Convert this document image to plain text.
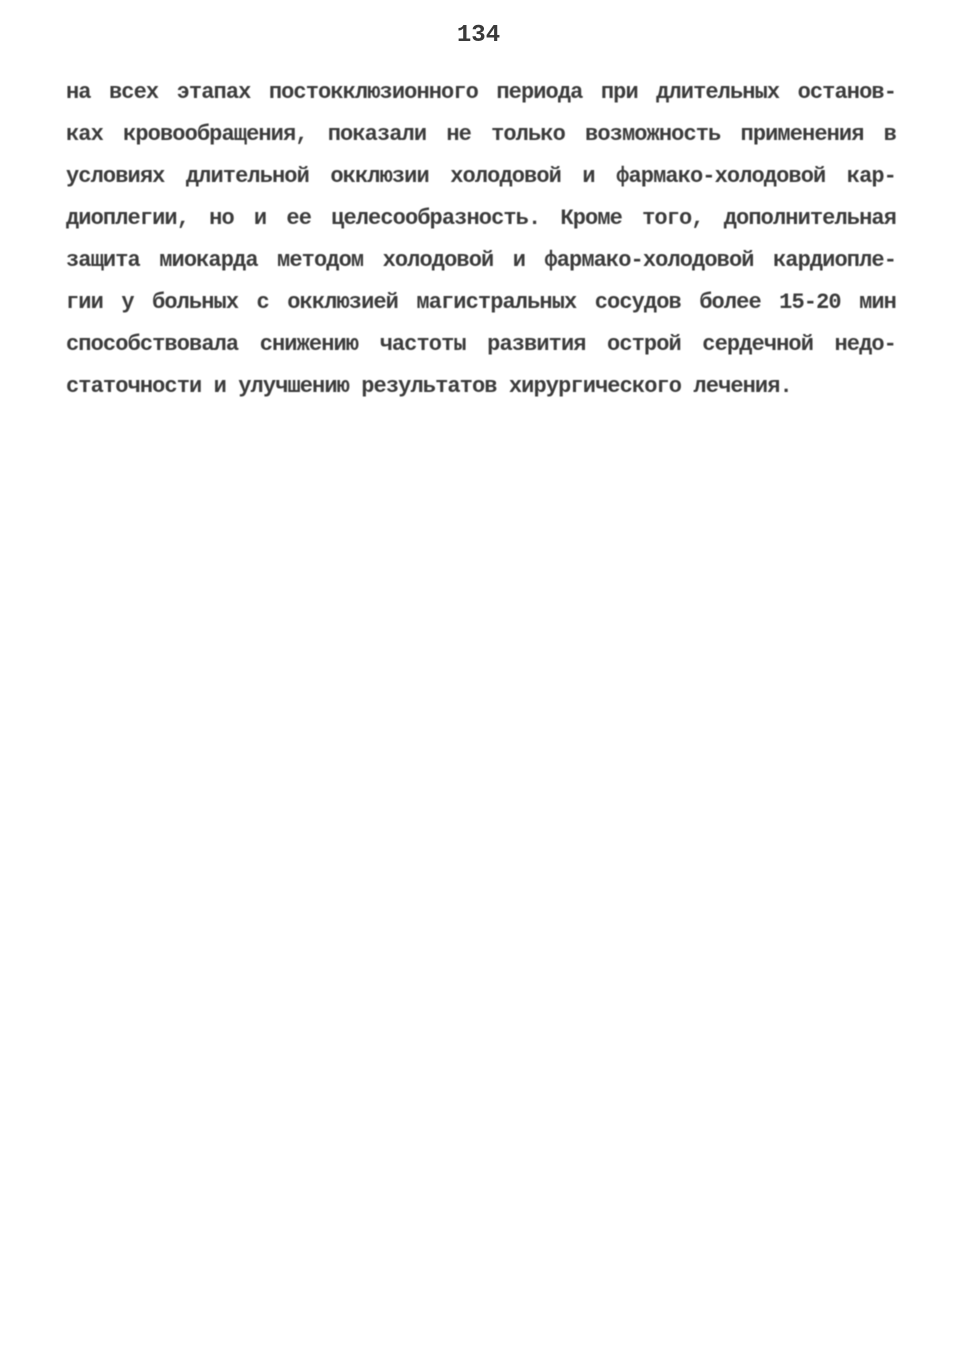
134
на всех этапах постокклюзионного периода при длительных останов-
ках кровообращения, показали не только возможность применения в
условиях длительной окклюзии холодовой и фармако-холодовой кар-
диоплегии, но и ее целесообразность. Кроме того, дополнительная
защита миокарда методом холодовой и фармако-холодовой кардиопле-
гии у больных с окклюзией магистральных сосудов более 15-20 мин
способствовала снижению частоты развития острой сердечной недо-
статочности и улучшению результатов хирургического лечения.
